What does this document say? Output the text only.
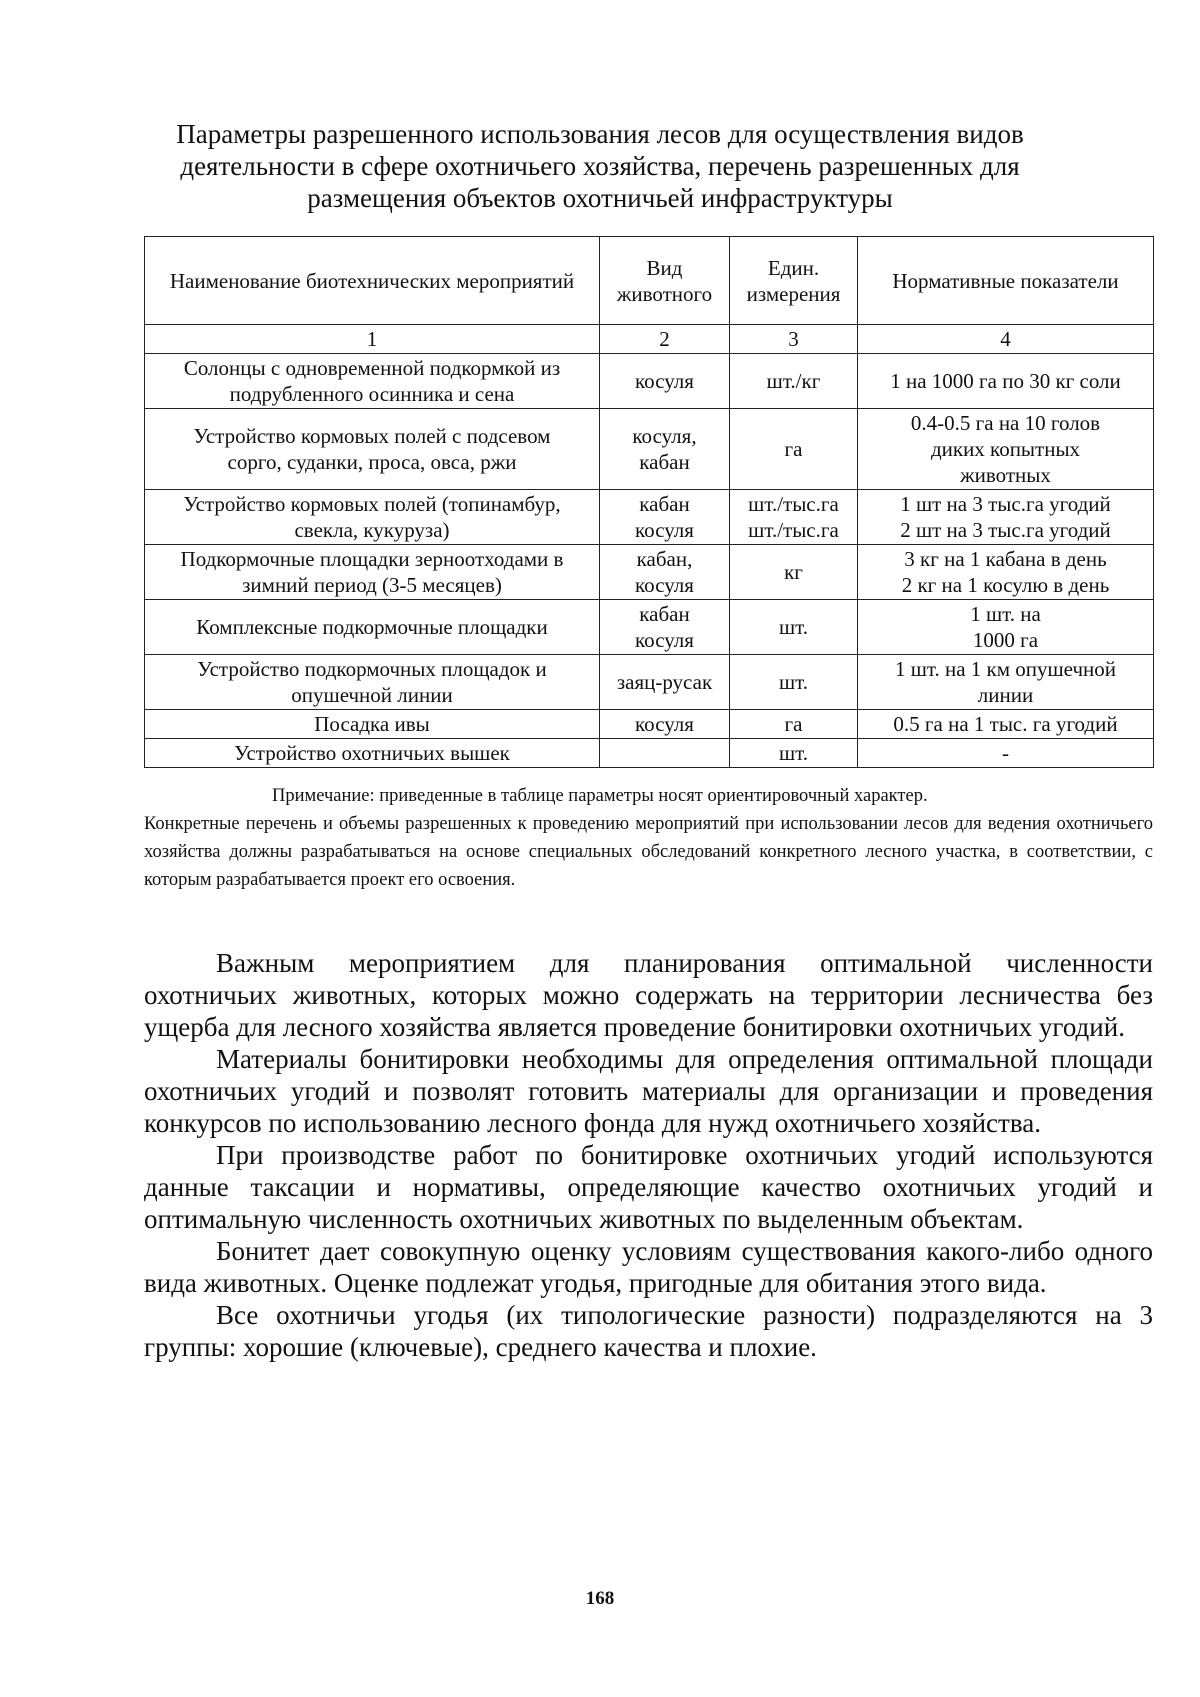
Параметры разрешенного использования лесов для осуществления видов
деятельности в сфере охотничьего хозяйства, перечень разрешенных для
размещения объектов охотничьей инфраструктуры
Наименование биотехнических мероприятий	Вид животного	Един. измерения	Нормативные показатели
1	2	3	4

Солонцы с одновременной подкормкой из
подрубленного осинника и сена	косуля	шт./кг	1 на 1000 га по 30 кг соли

Устройство кормовых полей с подсевом
сорго, суданки, проса, овса, ржи	косуля,
кабан	га	0.4-0.5 га на 10 голов
диких копытных
животных

Устройство кормовых полей (топинамбур,
свекла, кукуруза)	кабан
косуля	шт./тыс.га
шт./тыс.га	1 шт на 3 тыс.га угодий
2 шт на 3 тыс.га угодий

Подкормочные площадки зерноотходами в
зимний период (3-5 месяцев)	кабан,
косуля	кг	3 кг на 1 кабана в день
2 кг на 1 косулю в день

Комплексные подкормочные площадки	кабан
косуля	шт.	1 шт. на
1000 га

Устройство подкормочных площадок и
опушечной линии	заяц-русак	шт.	1 шт. на 1 км опушечной
линии

Посадка ивы	косуля	га	0.5 га на 1 тыс. га угодий

Устройство охотничьих вышек		шт.	-
Примечание: приведенные в таблице параметры носят ориентировочный характер.
Конкретные перечень и объемы разрешенных к проведению мероприятий при использовании лесов для ведения охотничьего хозяйства должны разрабатываться на основе специальных обследований конкретного лесного участка, в соответствии, с которым разрабатывается проект его освоения.

Важным мероприятием для планирования оптимальной численности охотничьих животных, которых можно содержать на территории лесничества без ущерба для лесного хозяйства является проведение бонитировки охотничьих угодий.

Материалы бонитировки необходимы для определения оптимальной площади охотничьих угодий и позволят готовить материалы для организации и проведения конкурсов по использованию лесного фонда для нужд охотничьего хозяйства.

При производстве работ по бонитировке охотничьих угодий используются данные таксации и нормативы, определяющие качество охотничьих угодий и оптимальную численность охотничьих животных по выделенным объектам.

Бонитет дает совокупную оценку условиям существования какого-либо одного вида животных. Оценке подлежат угодья, пригодные для обитания этого вида.

Все охотничьи угодья (их типологические разности) подразделяются на 3 группы: хорошие (ключевые), среднего качества и плохие.

168
